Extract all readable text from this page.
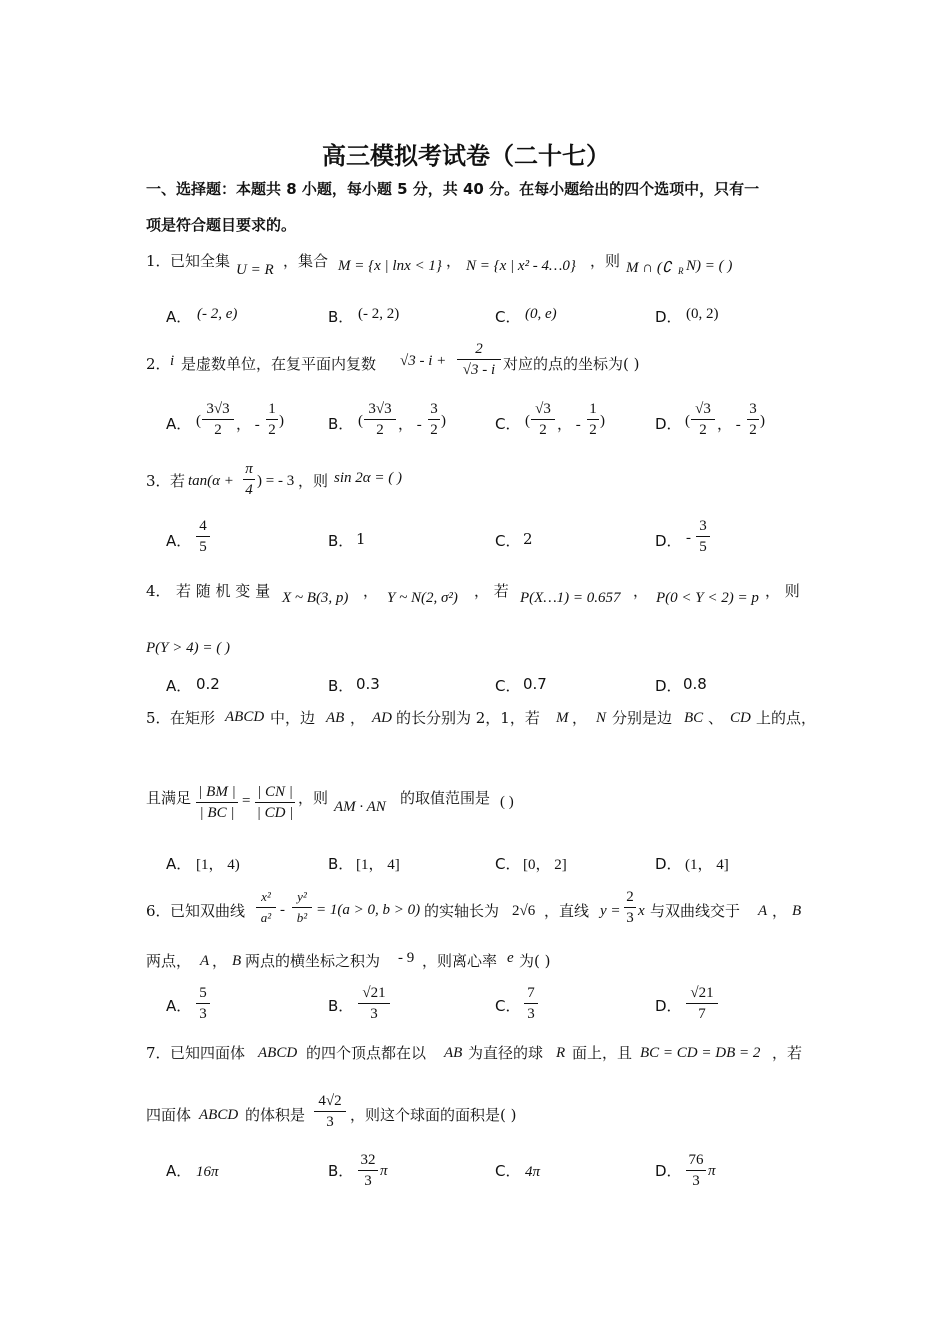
高三模拟考试卷（二十七）
一、选择题：本题共 8 小题，每小题 5 分，共 40 分。在每小题给出的四个选项中，只有一
项是符合题目要求的。
1． 已知全集 U = R ，集合 M = {x | lnx < 1} ， N = {x | x² - 4…0} ，则 M ∩ (∁ R N) = ( )
A． (- 2, e)	B． (- 2, 2)	C． (0, e)	D． (0, 2)
2． i 是虚数单位，在复平面内复数 √3 - i +
2
√3 - i 对应的点的坐标为( )
A． (
3√3
2 ， -
1
2
)	B． (
3√3
2 ， -
3
2
)	C． (
√3
2 ， -
1
2
)	D． (
√3
2 ， -
3
2
)
3． 若 tan(α +
π
4
) = - 3 ，则 sin 2α = ( )
A．
4
5	B． 1	C． 2	D． -
3
5
4． 若 随 机 变 量 X ~ B(3, p) ， Y ~ N(2, σ²) ， 若 P(X…1) = 0.657 ， P(0 < Y < 2) = p ， 则
P(Y > 4) = ( )
A． 0.2	B． 0.3	C． 0.7	D． 0.8
5． 在矩形 ABCD 中，边 AB ， AD 的长分别为 2，1，若 M ， N 分别是边 BC 、 CD 上的点，
且满足 | BM |
| BC |
=
| CN |
| CD |
，则 AM · AN 的取值范围是 ( )
A． [1， 4)	B． [1， 4]	C． [0， 2]	D． (1， 4]
6． 已知双曲线
x²
a² -
y²
b² = 1(a > 0, b > 0) 的实轴长为 2√6 ，直线 y =
2
3 x 与双曲线交于 A ， B
两点， A ， B 两点的横坐标之积为 - 9 ，则离心率 e 为( )
A．
5
3	B．
√21
3	C．
7
3	D．
√21
7
7． 已知四面体 ABCD 的四个顶点都在以 AB 为直径的球 R 面上，且 BC = CD = DB = 2 ，若
四面体 ABCD 的体积是
4√2
3	，则这个球面的面积是( )
A． 16π	B．
32
3
π	C． 4π	D．
76
3
π
